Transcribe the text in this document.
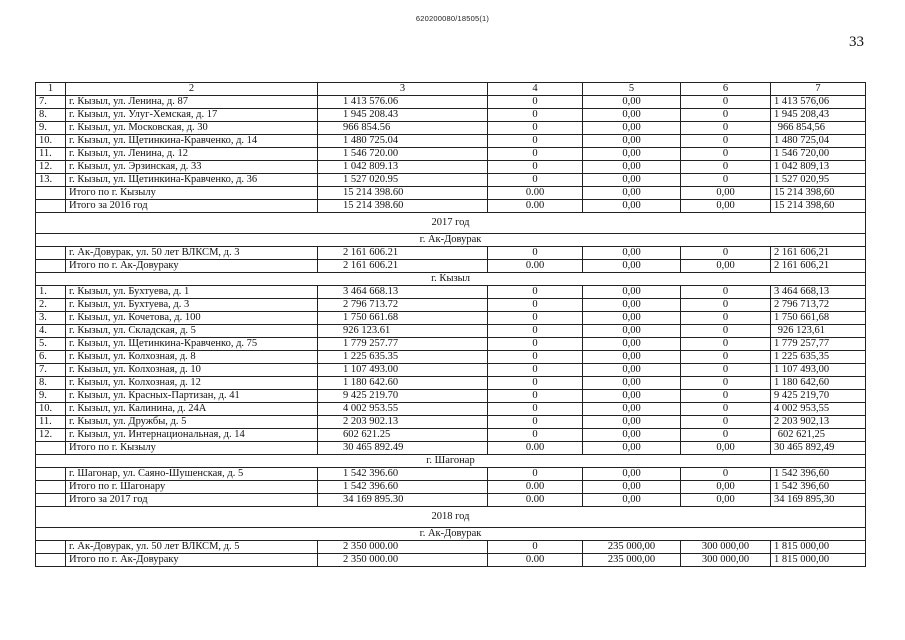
620200080/18505(1)
33
1	2	3	4	5	6	7
7.	г. Кызыл, ул. Ленина, д. 87	1 413 576.06	0	0,00	0	1 413 576,06
8.	г. Кызыл, ул. Улуг-Хемская, д. 17	1 945 208.43	0	0,00	0	1 945 208,43
9.	г. Кызыл, ул. Московская, д. 30	966 854.56	0	0,00	0	966 854,56
10.	г. Кызыл, ул. Щетинкина-Кравченко, д. 14	1 480 725.04	0	0,00	0	1 480 725,04
11.	г. Кызыл, ул. Ленина, д. 12	1 546 720.00	0	0,00	0	1 546 720,00
12.	г. Кызыл, ул. Эрзинская, д. 33	1 042 809.13	0	0,00	0	1 042 809,13
13.	г. Кызыл, ул. Щетинкина-Кравченко, д. 36	1 527 020.95	0	0,00	0	1 527 020,95
	Итого по г. Кызылу	15 214 398.60	0.00	0,00	0,00	15 214 398,60
	Итого за 2016 год	15 214 398.60	0.00	0,00	0,00	15 214 398,60
2017 год						
г. Ак-Довурак						
	г. Ак-Довурак, ул. 50 лет ВЛКСМ, д. 3	2 161 606.21	0	0,00	0	2 161 606,21
	Итого по г. Ак-Довураку	2 161 606.21	0.00	0,00	0,00	2 161 606,21
г. Кызыл						
1.	г. Кызыл, ул. Бухтуева, д. 1	3 464 668.13	0	0,00	0	3 464 668,13
2.	г. Кызыл, ул. Бухтуева, д. 3	2 796 713.72	0	0,00	0	2 796 713,72
3.	г. Кызыл, ул. Кочетова, д. 100	1 750 661.68	0	0,00	0	1 750 661,68
4.	г. Кызыл, ул. Складская, д. 5	926 123.61	0	0,00	0	926 123,61
5.	г. Кызыл, ул. Щетинкина-Кравченко, д. 75	1 779 257.77	0	0,00	0	1 779 257,77
6.	г. Кызыл, ул. Колхозная, д. 8	1 225 635.35	0	0,00	0	1 225 635,35
7.	г. Кызыл, ул. Колхозная, д. 10	1 107 493.00	0	0,00	0	1 107 493,00
8.	г. Кызыл, ул. Колхозная, д. 12	1 180 642.60	0	0,00	0	1 180 642,60
9.	г. Кызыл, ул. Красных-Партизан, д. 41	9 425 219.70	0	0,00	0	9 425 219,70
10.	г. Кызыл, ул. Калинина, д. 24А	4 002 953.55	0	0,00	0	4 002 953,55
11.	г. Кызыл, ул. Дружбы, д. 5	2 203 902.13	0	0,00	0	2 203 902,13
12.	г. Кызыл, ул. Интернациональная, д. 14	602 621.25	0	0,00	0	602 621,25
	Итого по г. Кызылу	30 465 892.49	0.00	0,00	0,00	30 465 892,49
г. Шагонар						
	г. Шагонар, ул. Саяно-Шушенская, д. 5	1 542 396.60	0	0,00	0	1 542 396,60
	Итого по г. Шагонару	1 542 396.60	0.00	0,00	0,00	1 542 396,60
	Итого за 2017 год	34 169 895.30	0.00	0,00	0,00	34 169 895,30
2018 год						
г. Ак-Довурак						
	г. Ак-Довурак, ул. 50 лет ВЛКСМ, д. 5	2 350 000.00	0	235 000,00	300 000,00	1 815 000,00
	Итого по г. Ак-Довураку	2 350 000.00	0.00	235 000,00	300 000,00	1 815 000,00
